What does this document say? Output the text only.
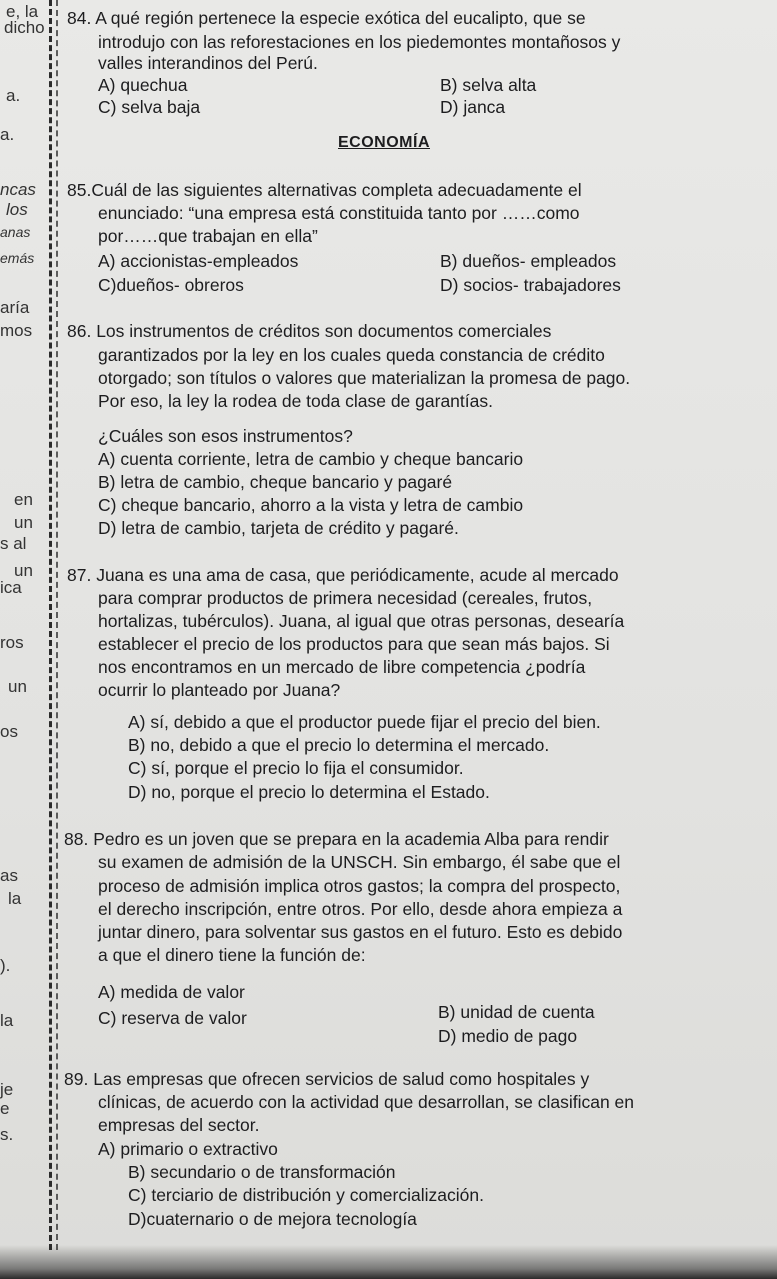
e, la
dicho
a.
a.
ncas
los
anas
emás
aría
mos
en
un
s al
un
ica
ros
un
os
as
la
).
la
je
e
s.
84. A qué región pertenece la especie exótica del eucalipto, que se
introdujo con las reforestaciones en los piedemontes montañosos y
valles interandinos del Perú.
A) quechua	B) selva alta
C) selva baja	D) janca
ECONOMÍA
85.Cuál de las siguientes alternativas completa adecuadamente el
enunciado: “una empresa está constituida tanto por ……como
por……que trabajan en ella”
A) accionistas-empleados	B) dueños- empleados
C)dueños- obreros	D) socios- trabajadores
86. Los instrumentos de créditos son documentos comerciales
garantizados por la ley en los cuales queda constancia de crédito
otorgado; son títulos o valores que materializan la promesa de pago.
Por eso, la ley la rodea de toda clase de garantías.
¿Cuáles son esos instrumentos?
A) cuenta corriente, letra de cambio y cheque bancario
B) letra de cambio, cheque bancario y pagaré
C) cheque bancario, ahorro a la vista y letra de cambio
D) letra de cambio, tarjeta de crédito y pagaré.
87. Juana es una ama de casa, que periódicamente, acude al mercado
para comprar productos de primera necesidad (cereales, frutos,
hortalizas, tubérculos). Juana, al igual que otras personas, desearía
establecer el precio de los productos para que sean más bajos. Si
nos encontramos en un mercado de libre competencia ¿podría
ocurrir lo planteado por Juana?
A) sí, debido a que el productor puede fijar el precio del bien.
B) no, debido a que el precio lo determina el mercado.
C) sí, porque el precio lo fija el consumidor.
D) no, porque el precio lo determina el Estado.
88. Pedro es un joven que se prepara en la academia Alba para rendir
su examen de admisión de la UNSCH. Sin embargo, él sabe que el
proceso de admisión implica otros gastos; la compra del prospecto,
el derecho inscripción, entre otros. Por ello, desde ahora empieza a
juntar dinero, para solventar sus gastos en el futuro. Esto es debido
a que el dinero tiene la función de:
A) medida de valor
B) unidad de cuenta
C) reserva de valor
D) medio de pago
89. Las empresas que ofrecen servicios de salud como hospitales y
clínicas, de acuerdo con la actividad que desarrollan, se clasifican en
empresas del sector.
A) primario o extractivo
B) secundario o de transformación
C) terciario de distribución y comercialización.
D)cuaternario o de mejora tecnología
